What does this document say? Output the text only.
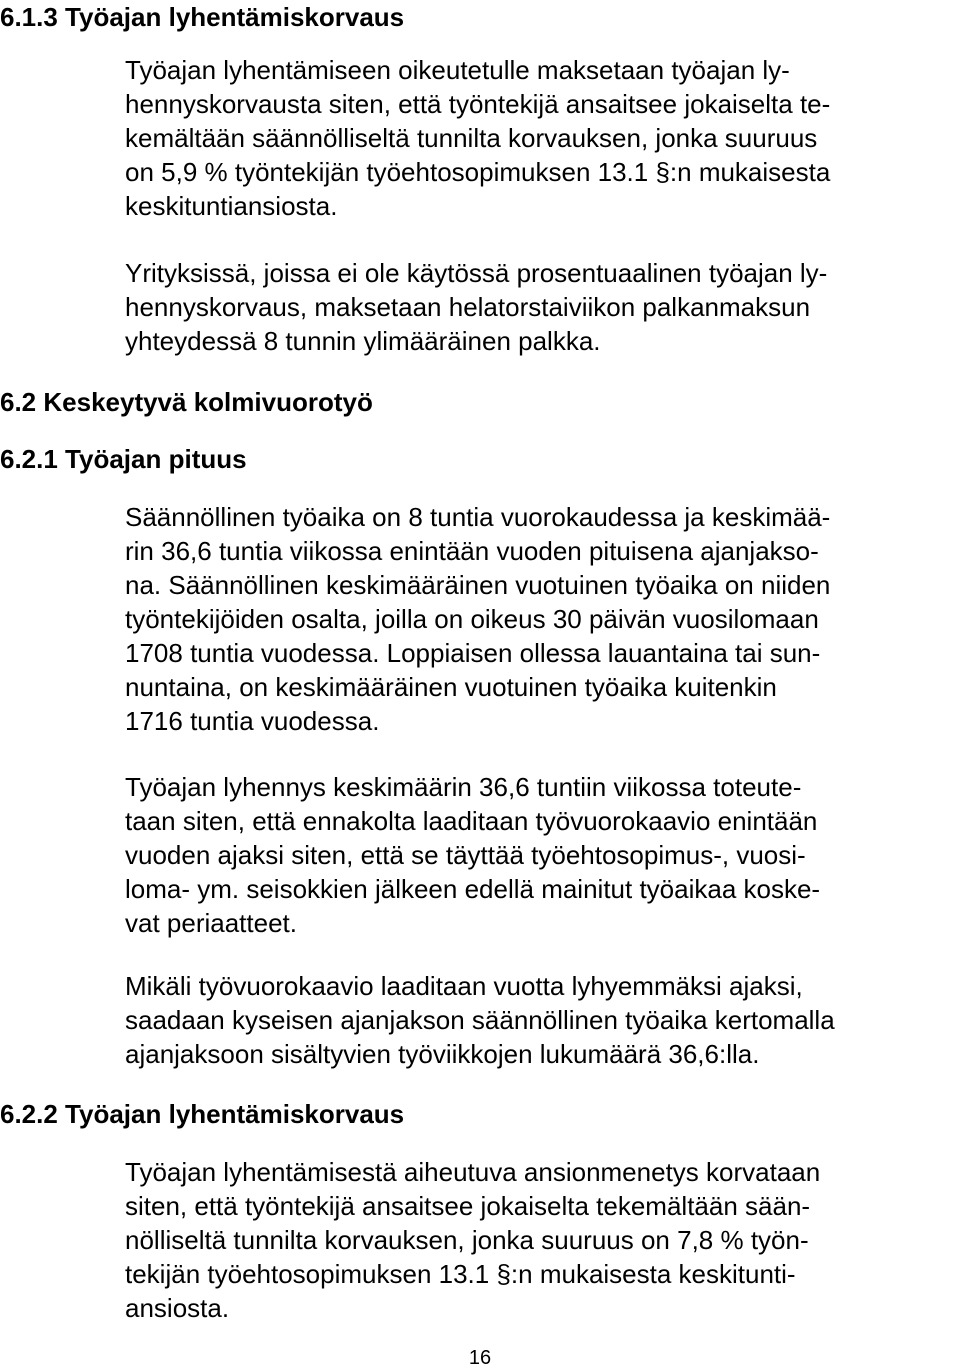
6.1.3 Työajan lyhentämiskorvaus

Työajan lyhentämiseen oikeutetulle maksetaan työajan ly-
hennyskorvausta siten, että työntekijä ansaitsee jokaiselta te-
kemältään säännölliseltä tunnilta korvauksen, jonka suuruus
on 5,9 % työntekijän työehtosopimuksen 13.1 §:n mukaisesta
keskituntiansiosta.

Yrityksissä, joissa ei ole käytössä prosentuaalinen työajan ly-
hennyskorvaus, maksetaan helatorstaiviikon palkanmaksun
yhteydessä 8 tunnin ylimääräinen palkka.

6.2 Keskeytyvä kolmivuorotyö
6.2.1 Työajan pituus

Säännöllinen työaika on 8 tuntia vuorokaudessa ja keskimää-
rin 36,6 tuntia viikossa enintään vuoden pituisena ajanjakso-
na. Säännöllinen keskimääräinen vuotuinen työaika on niiden
työntekijöiden osalta, joilla on oikeus 30 päivän vuosilomaan
1708 tuntia vuodessa. Loppiaisen ollessa lauantaina tai sun-
nuntaina, on keskimääräinen vuotuinen työaika kuitenkin
1716 tuntia vuodessa.

Työajan lyhennys keskimäärin 36,6 tuntiin viikossa toteute-
taan siten, että ennakolta laaditaan työvuorokaavio enintään
vuoden ajaksi siten, että se täyttää työehtosopimus-, vuosi-
loma- ym. seisokkien jälkeen edellä mainitut työaikaa koske-
vat periaatteet.

Mikäli työvuorokaavio laaditaan vuotta lyhyemmäksi ajaksi,
saadaan kyseisen ajanjakson säännöllinen työaika kertomalla
ajanjaksoon sisältyvien työviikkojen lukumäärä 36,6:lla.

6.2.2 Työajan lyhentämiskorvaus

Työajan lyhentämisestä aiheutuva ansionmenetys korvataan
siten, että työntekijä ansaitsee jokaiselta tekemältään sään-
nölliseltä tunnilta korvauksen, jonka suuruus on 7,8 % työn-
tekijän työehtosopimuksen 13.1 §:n mukaisesta keskitunti-
ansiosta.

16
